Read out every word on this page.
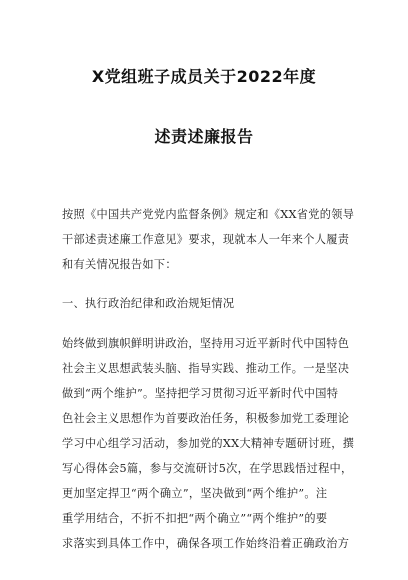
X党组班子成员关于2022年度
述责述廉报告
按照《中国共产党党内监督条例》规定和《XX省党的领导
干部述责述廉工作意见》要求，现就本人一年来个人履责
和有关情况报告如下：
一、执行政治纪律和政治规矩情况
始终做到旗帜鲜明讲政治，坚持用习近平新时代中国特色
社会主义思想武装头脑、指导实践、推动工作。一是坚决
做到“两个维护”。坚持把学习贯彻习近平新时代中国特
色社会主义思想作为首要政治任务，积极参加党工委理论
学习中心组学习活动，参加党的XX大精神专题研讨班，撰
写心得体会5篇，参与交流研讨5次，在学思践悟过程中，
更加坚定捍卫“两个确立”，坚决做到“两个维护”。注
重学用结合，不折不扣把“两个确立”“两个维护”的要
求落实到具体工作中，确保各项工作始终沿着正确政治方
